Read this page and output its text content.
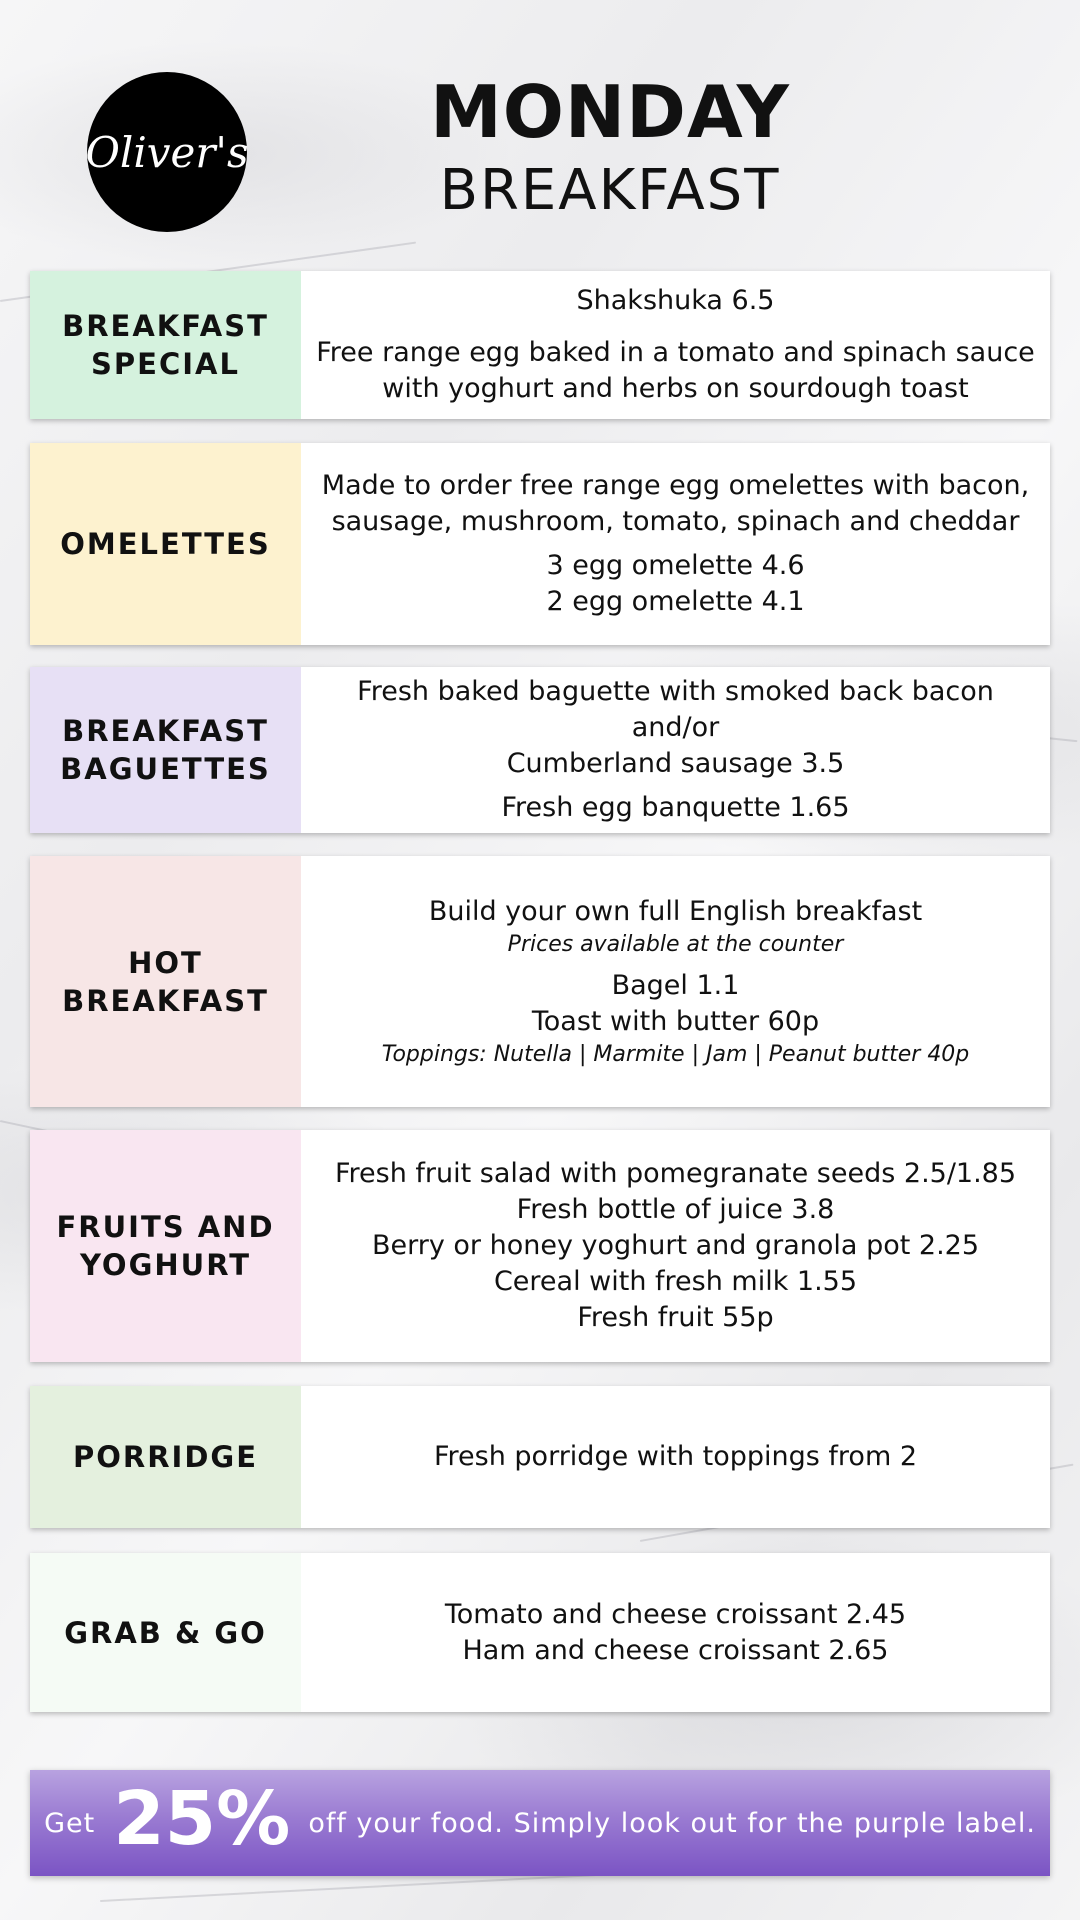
Oliver's	MONDAY
BREAKFAST
BREAKFAST
SPECIAL
Shakshuka 6.5
Free range egg baked in a tomato and spinach sauce
with yoghurt and herbs on sourdough toast
OMELETTES
Made to order free range egg omelettes with bacon,
sausage, mushroom, tomato, spinach and cheddar
3 egg omelette 4.6
2 egg omelette 4.1
BREAKFAST
BAGUETTES
Fresh baked baguette with smoked back bacon and/or
Cumberland sausage 3.5
Fresh egg banquette 1.65
HOT
BREAKFAST
Build your own full English breakfast
Prices available at the counter
Bagel 1.1
Toast with butter 60p
Toppings: Nutella | Marmite | Jam | Peanut butter 40p
FRUITS AND
YOGHURT
Fresh fruit salad with pomegranate seeds 2.5/1.85
Fresh bottle of juice 3.8
Berry or honey yoghurt and granola pot 2.25
Cereal with fresh milk 1.55
Fresh fruit 55p
PORRIDGE	Fresh porridge with toppings from 2
GRAB & GO
Tomato and cheese croissant 2.45
Ham and cheese croissant 2.65
Get 25% off your food. Simply look out for the purple label.
